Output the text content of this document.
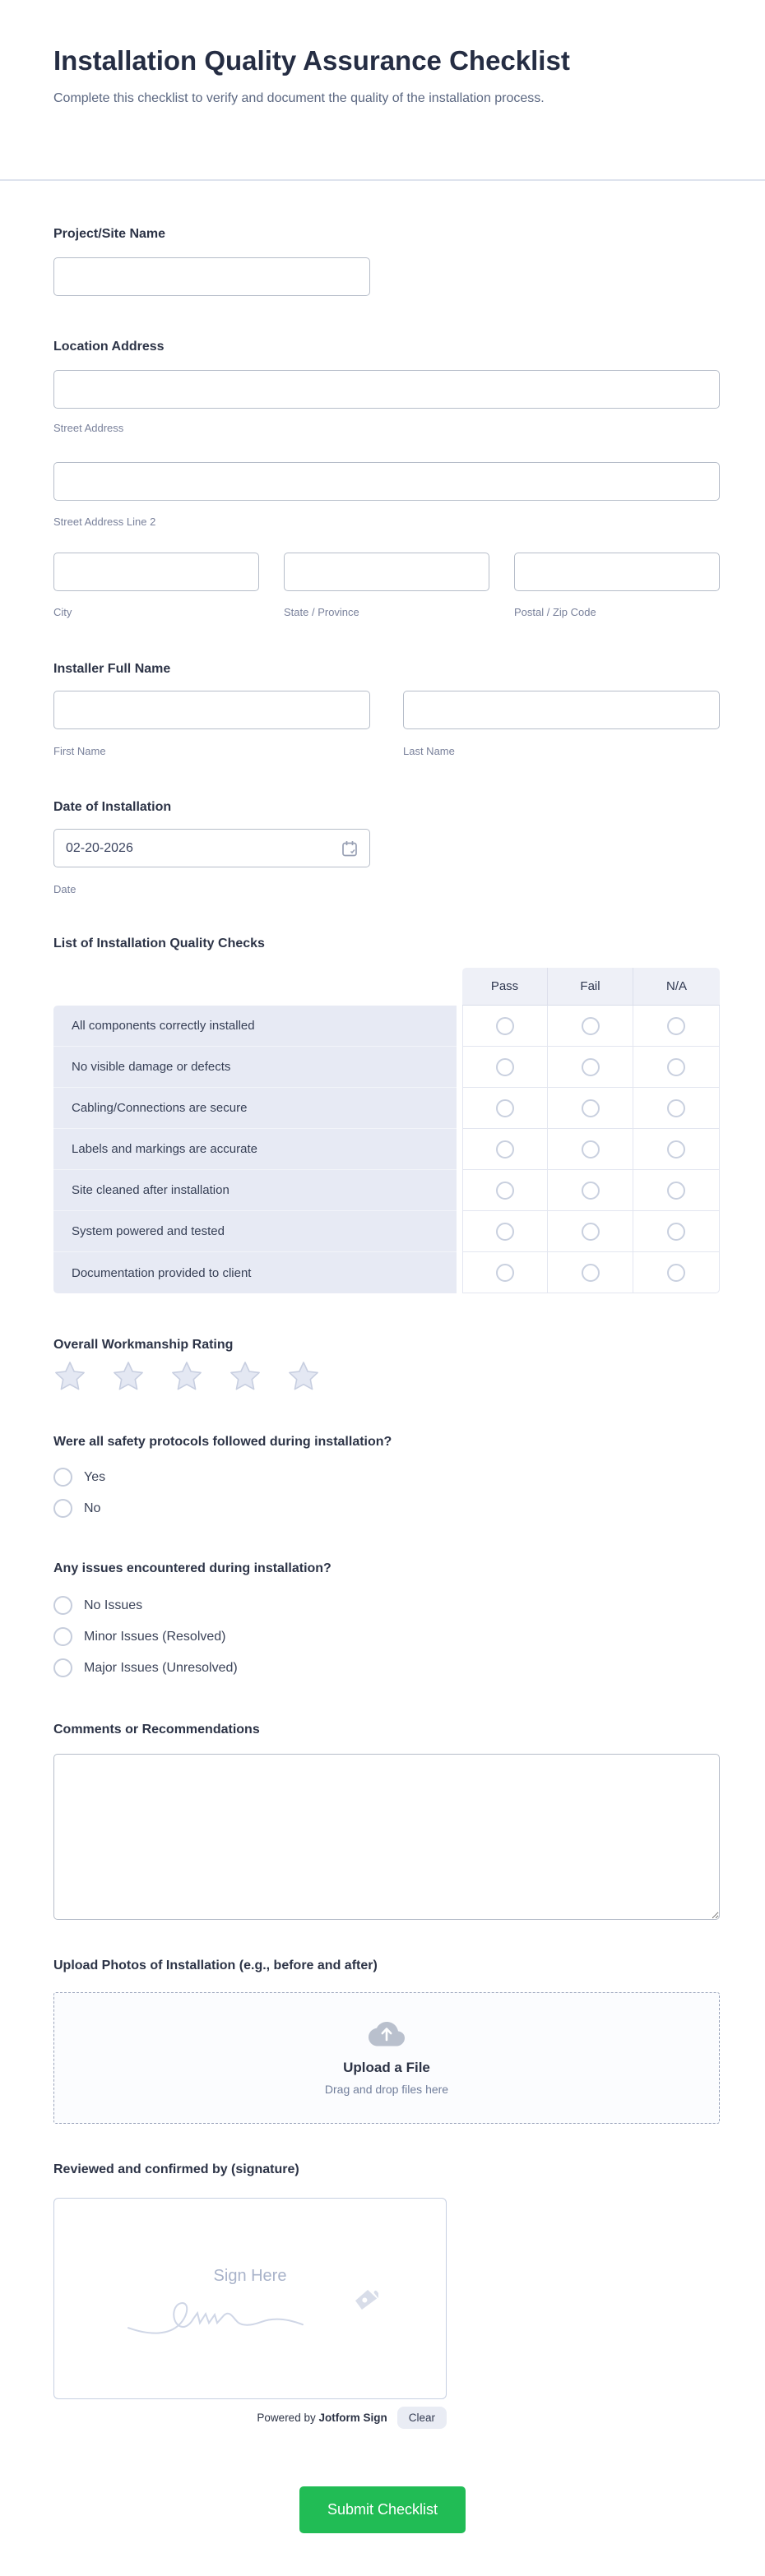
Installation Quality Assurance Checklist
Complete this checklist to verify and document the quality of the installation process.
Project/Site Name
Location Address
Street Address
Street Address Line 2
City	State / Province	Postal / Zip Code
Installer Full Name
First Name	Last Name
Date of Installation
02-20-2026
Date
List of Installation Quality Checks
Pass	Fail	N/A
All components correctly installed
No visible damage or defects
Cabling/Connections are secure
Labels and markings are accurate
Site cleaned after installation
System powered and tested
Documentation provided to client
Overall Workmanship Rating
Were all safety protocols followed during installation?
Yes
No
Any issues encountered during installation?
No Issues
Minor Issues (Resolved)
Major Issues (Unresolved)
Comments or Recommendations
Upload Photos of Installation (e.g., before and after)
Upload a File
Drag and drop files here
Reviewed and confirmed by (signature)
Sign Here
Powered by Jotform Sign	Clear
Submit Checklist
